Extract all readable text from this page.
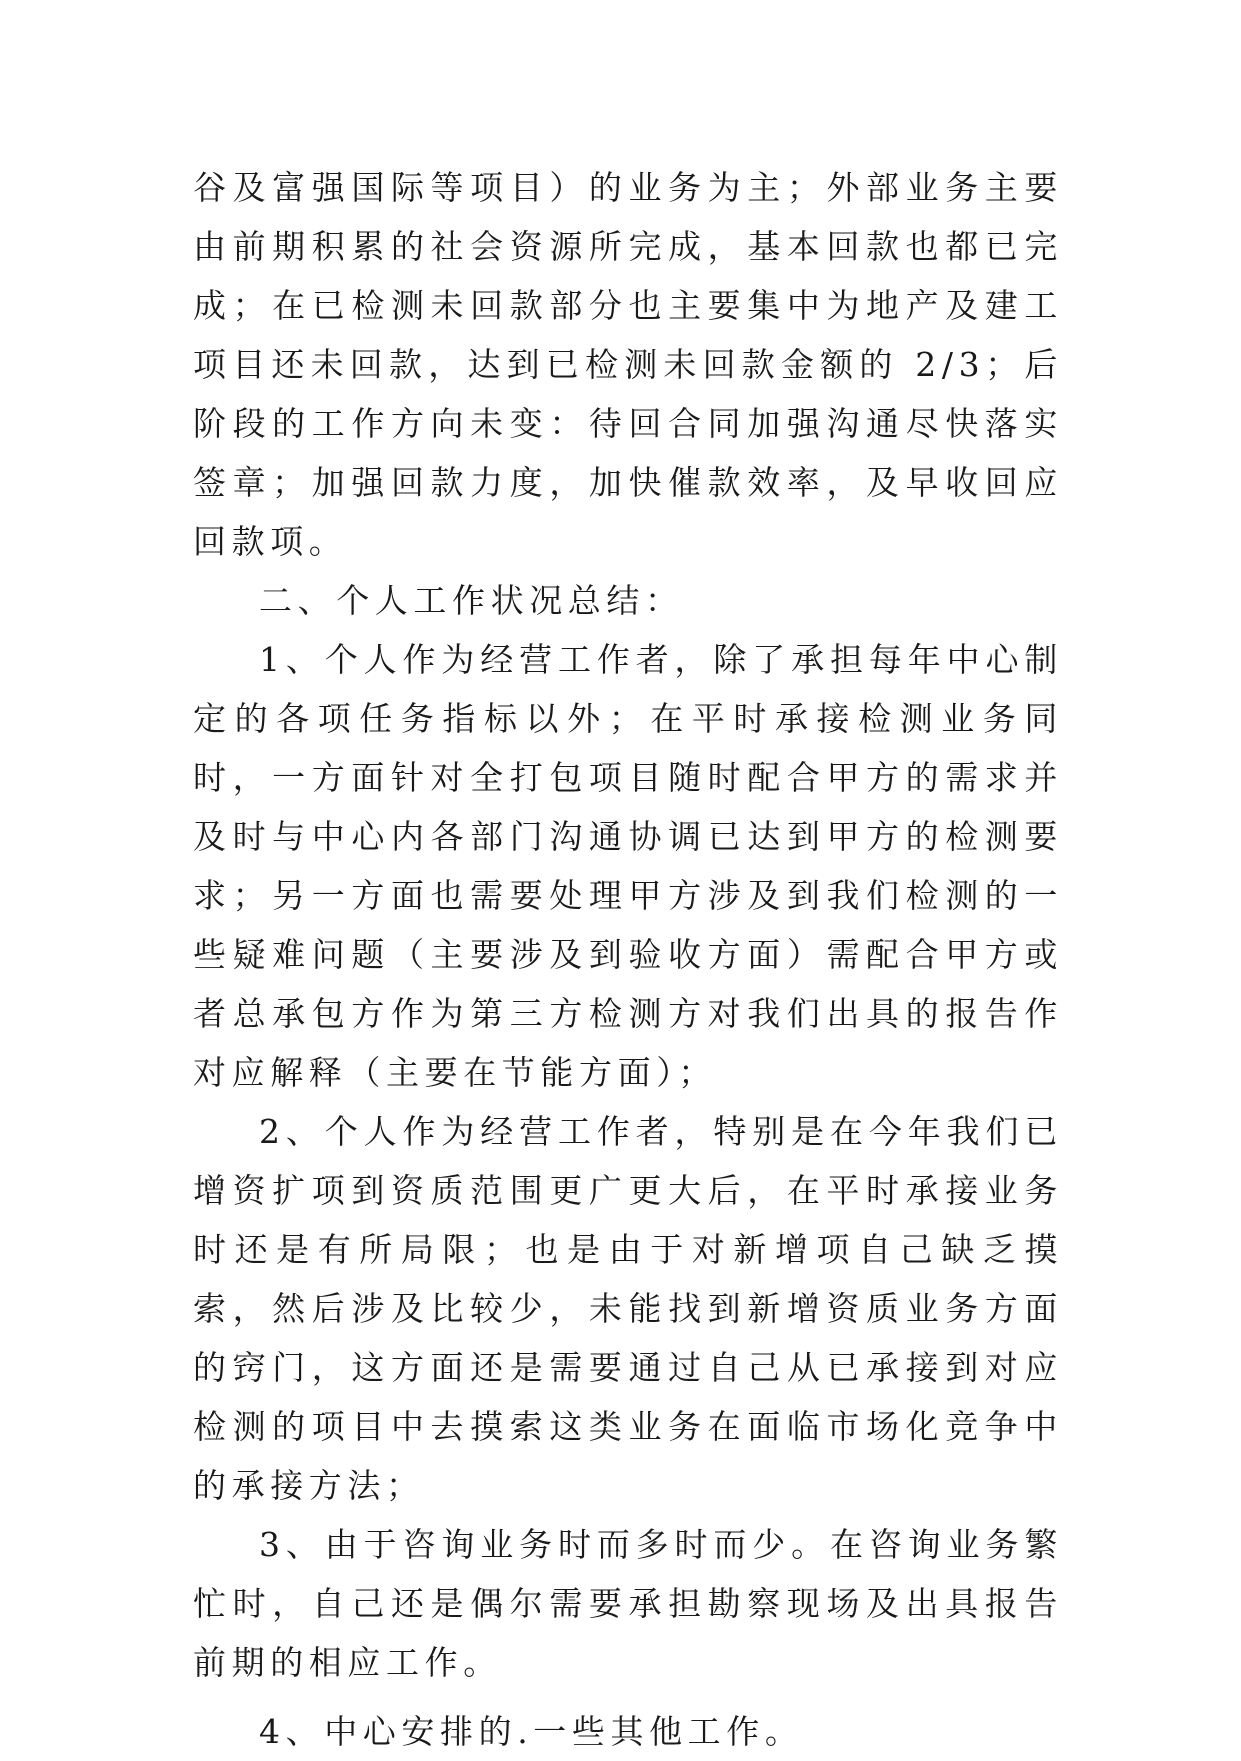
谷及富强国际等项目）的业务为主；外部业务主要由前期积累的社会资源所完成，基本回款也都已完成；在已检测未回款部分也主要集中为地产及建工项目还未回款，达到已检测未回款金额的 2/3；后阶段的工作方向未变：待回合同加强沟通尽快落实签章；加强回款力度，加快催款效率，及早收回应回款项。

二、个人工作状况总结：

1、个人作为经营工作者，除了承担每年中心制定的各项任务指标以外；在平时承接检测业务同时，一方面针对全打包项目随时配合甲方的需求并及时与中心内各部门沟通协调已达到甲方的检测要求；另一方面也需要处理甲方涉及到我们检测的一些疑难问题（主要涉及到验收方面）需配合甲方或者总承包方作为第三方检测方对我们出具的报告作对应解释（主要在节能方面）；

2、个人作为经营工作者，特别是在今年我们已增资扩项到资质范围更广更大后，在平时承接业务时还是有所局限；也是由于对新增项自己缺乏摸索，然后涉及比较少，未能找到新增资质业务方面的窍门，这方面还是需要通过自己从已承接到对应检测的项目中去摸索这类业务在面临市场化竞争中的承接方法；

3、由于咨询业务时而多时而少。在咨询业务繁忙时，自己还是偶尔需要承担勘察现场及出具报告前期的相应工作。

4、中心安排的.一些其他工作。
